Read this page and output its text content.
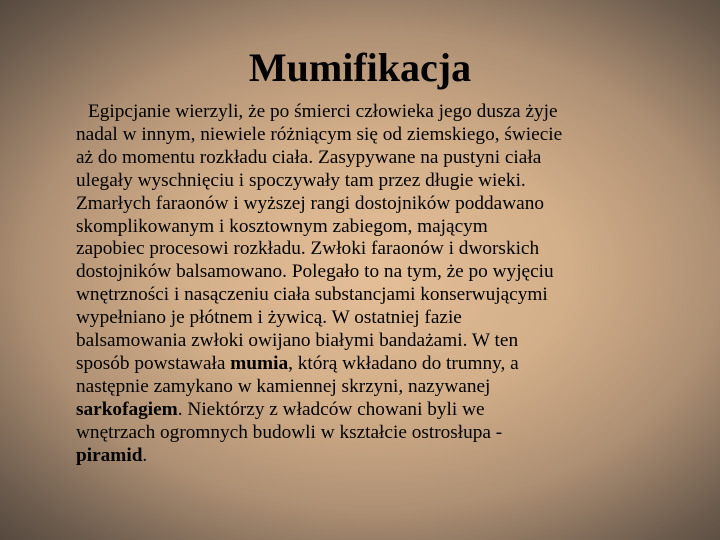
Mumifikacja
Egipcjanie wierzyli, że po śmierci człowieka jego dusza żyje
nadal w innym, niewiele różniącym się od ziemskiego, świecie
aż do momentu rozkładu ciała. Zasypywane na pustyni ciała
ulegały wyschnięciu i spoczywały tam przez długie wieki.
Zmarłych faraonów i wyższej rangi dostojników poddawano
skomplikowanym i kosztownym zabiegom, mającym
zapobiec procesowi rozkładu. Zwłoki faraonów i dworskich
dostojników balsamowano. Polegało to na tym, że po wyjęciu
wnętrzności i nasączeniu ciała substancjami konserwującymi
wypełniano je płótnem i żywicą. W ostatniej fazie
balsamowania zwłoki owijano białymi bandażami. W ten
sposób powstawała mumia, którą wkładano do trumny, a
następnie zamykano w kamiennej skrzyni, nazywanej
sarkofagiem. Niektórzy z władców chowani byli we
wnętrzach ogromnych budowli w kształcie ostrosłupa -
piramid.
